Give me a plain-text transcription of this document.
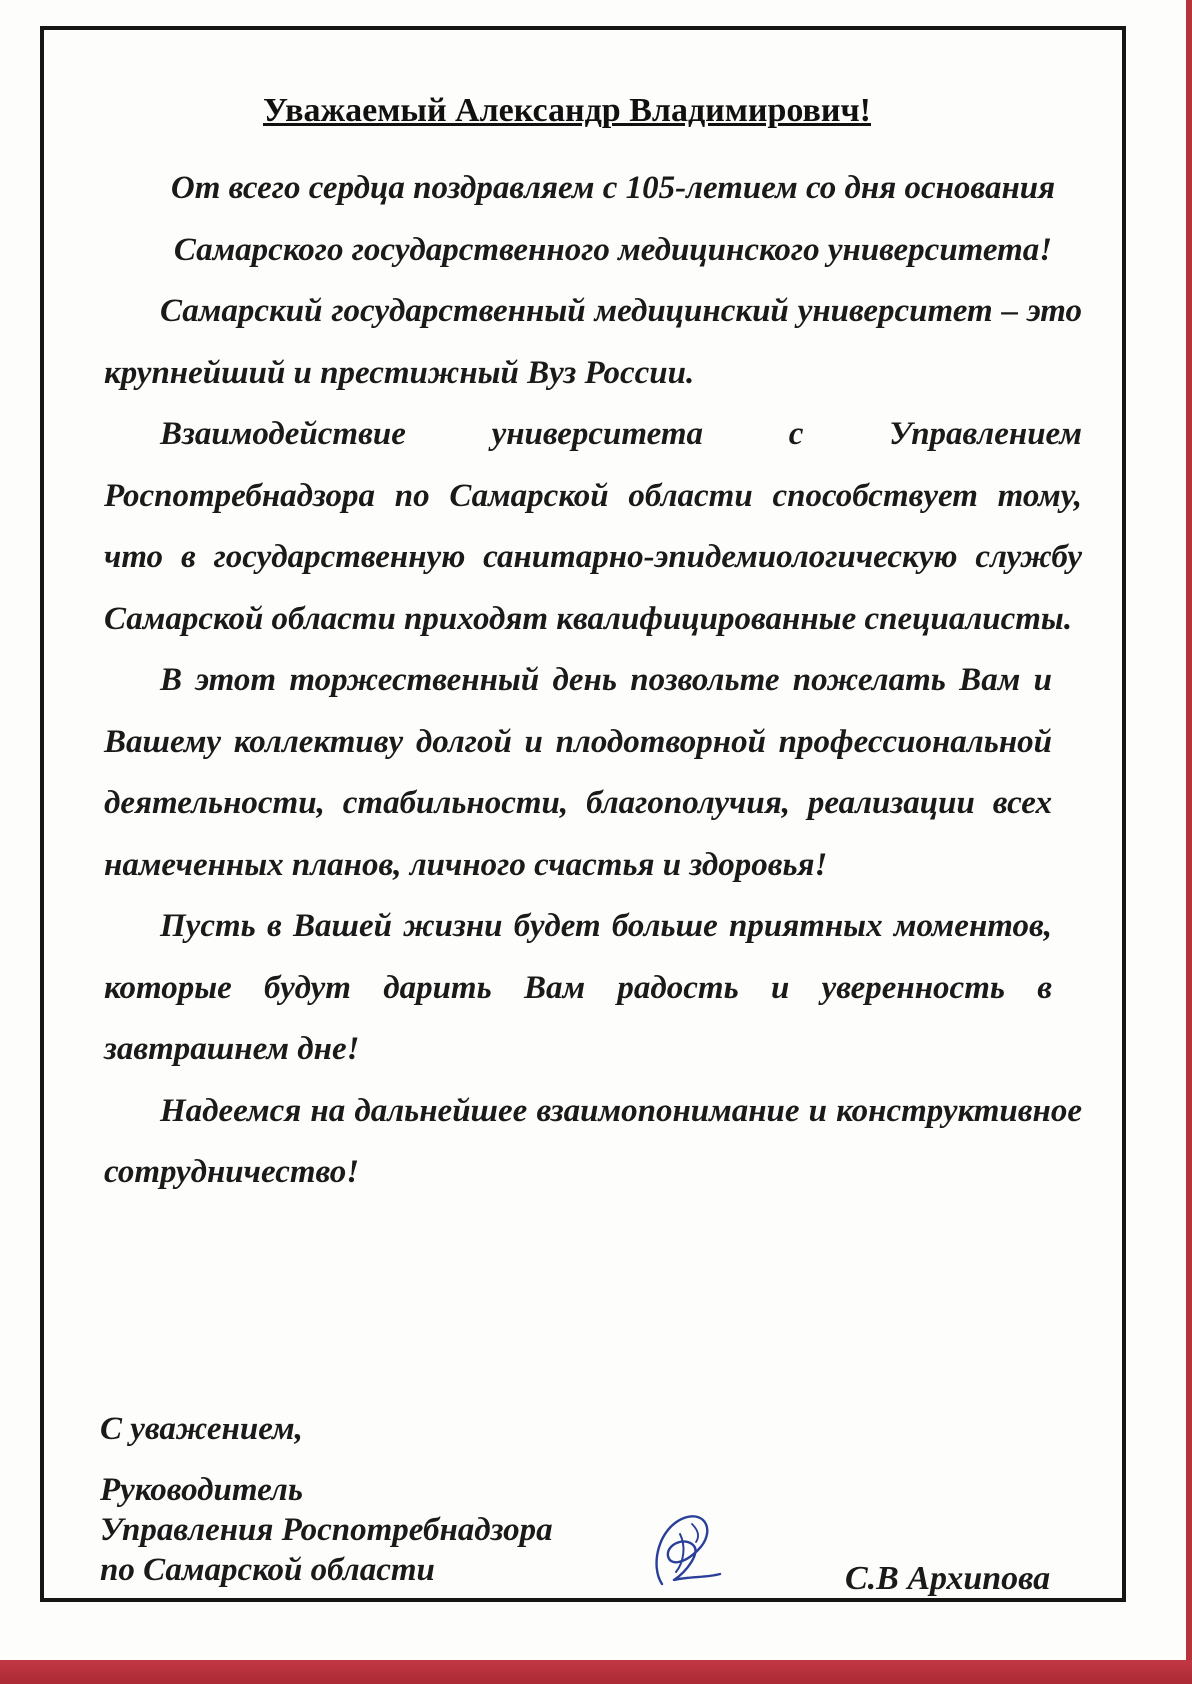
Уважаемый Александр Владимирович!

От всего сердца поздравляем с 105-летием со дня основания Самарского государственного медицинского университета!

Самарский государственный медицинский университет – это крупнейший и престижный Вуз России.

Взаимодействие университета с Управлением Роспотребнадзора по Самарской области способствует тому, что в государственную санитарно-эпидемиологическую службу Самарской области приходят квалифицированные специалисты.

В этот торжественный день позвольте пожелать Вам и Вашему коллективу долгой и плодотворной профессиональной деятельности, стабильности, благополучия, реализации всех намеченных планов, личного счастья и здоровья!

Пусть в Вашей жизни будет больше приятных моментов, которые будут дарить Вам радость и уверенность в завтрашнем дне!

Надеемся на дальнейшее взаимопонимание и конструктивное сотрудничество!

С уважением,
Руководитель
Управления Роспотребнадзора
по Самарской области	С.В Архипова
